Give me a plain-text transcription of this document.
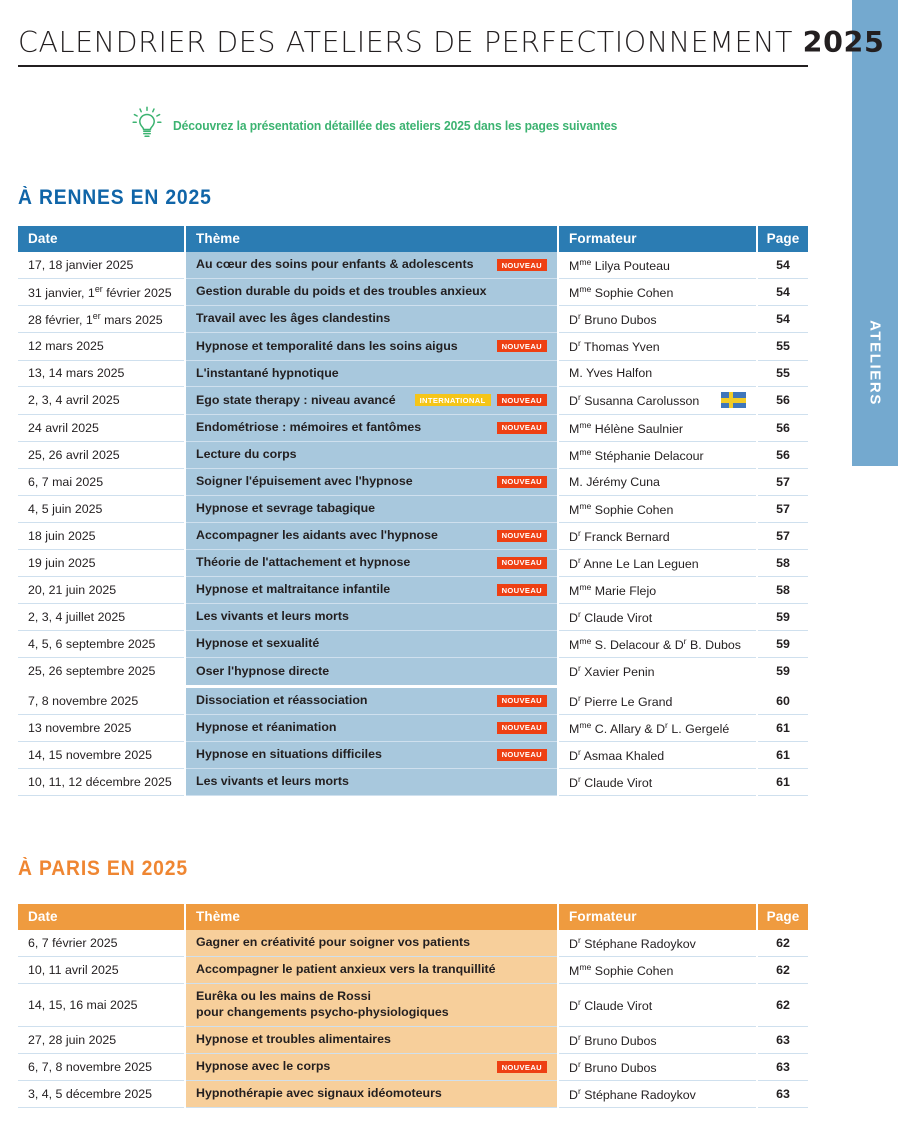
ATELIERS
CALENDRIER DES ATELIERS DE PERFECTIONNEMENT 2025
Découvrez la présentation détaillée des ateliers 2025 dans les pages suivantes
À RENNES EN 2025
Date	Thème	Formateur	Page
17, 18 janvier 2025	Au cœur des soins pour enfants & adolescents NOUVEAU	$M^{me}$ Lilya Pouteau	54
31 janvier, 1er février 2025	Gestion durable du poids et des troubles anxieux	$M^{me}$ Sophie Cohen	54
28 février, 1er mars 2025	Travail avec les âges clandestins	$D^r$ Bruno Dubos	54
12 mars 2025	Hypnose et temporalité dans les soins aigus NOUVEAU	$D^r$ Thomas Yven	55
13, 14 mars 2025	L'instantané hypnotique	M. Yves Halfon	55
2, 3, 4 avril 2025	Ego state therapy : niveau avancé INTERNATIONAL NOUVEAU	$D^r$ Susanna Carolusson	56
24 avril 2025	Endométriose : mémoires et fantômes NOUVEAU	$M^{me}$ Hélène Saulnier	56
25, 26 avril 2025	Lecture du corps	$M^{me}$ Stéphanie Delacour	56
6, 7 mai 2025	Soigner l'épuisement avec l'hypnose NOUVEAU	M. Jérémy Cuna	57
4, 5 juin 2025	Hypnose et sevrage tabagique	$M^{me}$ Sophie Cohen	57
18 juin 2025	Accompagner les aidants avec l'hypnose NOUVEAU	$D^r$ Franck Bernard	57
19 juin 2025	Théorie de l'attachement et hypnose NOUVEAU	$D^r$ Anne Le Lan Leguen	58
20, 21 juin 2025	Hypnose et maltraitance infantile NOUVEAU	$M^{me}$ Marie Flejo	58
2, 3, 4 juillet 2025	Les vivants et leurs morts	$D^r$ Claude Virot	59
4, 5, 6 septembre 2025	Hypnose et sexualité	$M^{me}$ S. Delacour & $D^r$ B. Dubos	59
25, 26 septembre 2025	Oser l'hypnose directe	$D^r$ Xavier Penin	59
7, 8 novembre 2025	Dissociation et réassociation NOUVEAU	$D^r$ Pierre Le Grand	60
13 novembre 2025	Hypnose et réanimation NOUVEAU	$M^{me}$ C. Allary & $D^r$ L. Gergelé	61
14, 15 novembre 2025	Hypnose en situations difficiles NOUVEAU	$D^r$ Asmaa Khaled	61
10, 11, 12 décembre 2025	Les vivants et leurs morts	$D^r$ Claude Virot	61
À PARIS EN 2025
Date	Thème	Formateur	Page
6, 7 février 2025	Gagner en créativité pour soigner vos patients	$D^r$ Stéphane Radoykov	62
10, 11 avril 2025	Accompagner le patient anxieux vers la tranquillité	$M^{me}$ Sophie Cohen	62
14, 15, 16 mai 2025	Eurêka ou les mains de Rossi
pour changements psycho-physiologiques	$D^r$ Claude Virot	62
27, 28 juin 2025	Hypnose et troubles alimentaires	$D^r$ Bruno Dubos	63
6, 7, 8 novembre 2025	Hypnose avec le corps NOUVEAU	$D^r$ Bruno Dubos	63
3, 4, 5 décembre 2025	Hypnothérapie avec signaux idéomoteurs	$D^r$ Stéphane Radoykov	63
